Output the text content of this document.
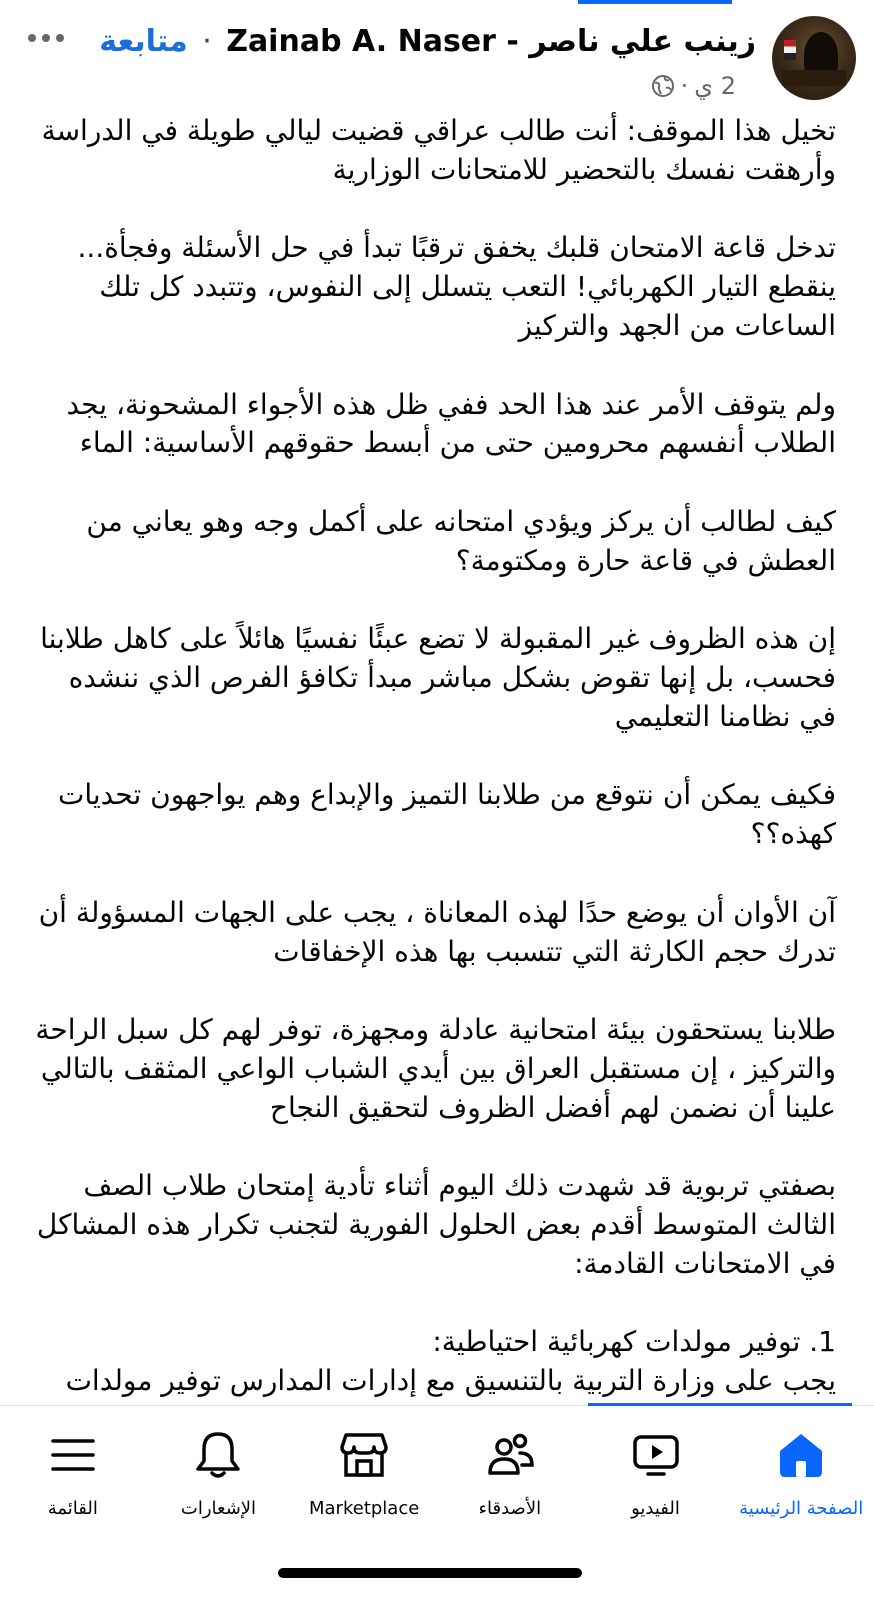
زينب علي ناصر - Zainab A. Naser · متابعة
2 ي
·

تخيل هذا الموقف: أنت طالب عراقي قضيت ليالي طويلة في الدراسة وأرهقت نفسك بالتحضير للامتحانات الوزارية

تدخل قاعة الامتحان قلبك يخفق ترقبًا تبدأ في حل الأسئلة وفجأة... ينقطع التيار الكهربائي! التعب يتسلل إلى النفوس، وتتبدد كل تلك الساعات من الجهد والتركيز

ولم يتوقف الأمر عند هذا الحد ففي ظل هذه الأجواء المشحونة، يجد الطلاب أنفسهم محرومين حتى من أبسط حقوقهم الأساسية: الماء

كيف لطالب أن يركز ويؤدي امتحانه على أكمل وجه وهو يعاني من العطش في قاعة حارة ومكتومة؟

إن هذه الظروف غير المقبولة لا تضع عبئًا نفسيًا هائلاً على كاهل طلابنا فحسب، بل إنها تقوض بشكل مباشر مبدأ تكافؤ الفرص الذي ننشده في نظامنا التعليمي

فكيف يمكن أن نتوقع من طلابنا التميز والإبداع وهم يواجهون تحديات كهذه؟؟

آن الأوان أن يوضع حدًا لهذه المعاناة ، يجب على الجهات المسؤولة أن تدرك حجم الكارثة التي تتسبب بها هذه الإخفاقات

طلابنا يستحقون بيئة امتحانية عادلة ومجهزة، توفر لهم كل سبل الراحة والتركيز ، إن مستقبل العراق بين أيدي الشباب الواعي المثقف بالتالي علينا أن نضمن لهم أفضل الظروف لتحقيق النجاح

بصفتي تربوية قد شهدت ذلك اليوم أثناء تأدية إمتحان طلاب الصف الثالث المتوسط أقدم بعض الحلول الفورية لتجنب تكرار هذه المشاكل في الامتحانات القادمة:

1. توفير مولدات كهربائية احتياطية:

يجب على وزارة التربية بالتنسيق مع إدارات المدارس توفير مولدات

الصفحة الرئيسية
الفيديو
الأصدقاء
Marketplace
الإشعارات
القائمة
